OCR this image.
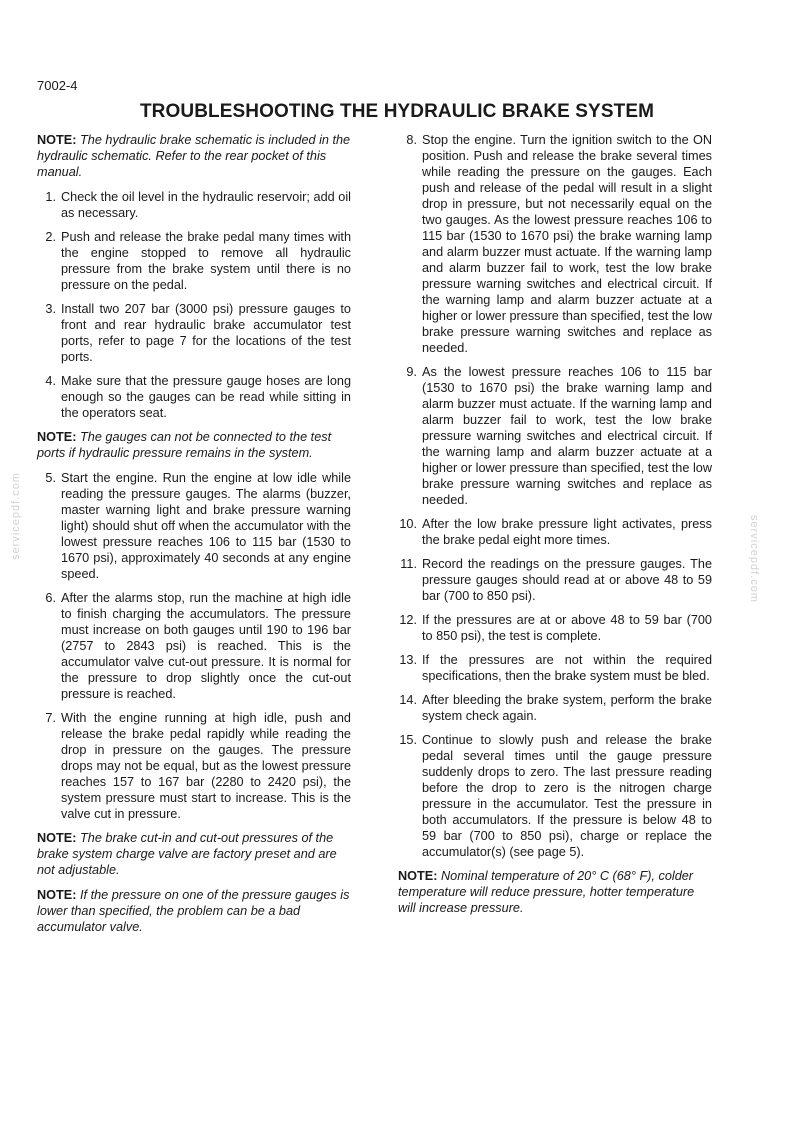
7002-4
TROUBLESHOOTING THE HYDRAULIC BRAKE SYSTEM
servicepdf.com	servicepdf.com

NOTE: The hydraulic brake schematic is included in the hydraulic schematic. Refer to the rear pocket of this manual.

1. Check the oil level in the hydraulic reservoir; add oil as necessary.
2. Push and release the brake pedal many times with the engine stopped to remove all hydraulic pressure from the brake system until there is no pressure on the pedal.
3. Install two 207 bar (3000 psi) pressure gauges to front and rear hydraulic brake accumulator test ports, refer to page 7 for the locations of the test ports.
4. Make sure that the pressure gauge hoses are long enough so the gauges can be read while sitting in the operators seat.

NOTE: The gauges can not be connected to the test ports if hydraulic pressure remains in the system.

5. Start the engine. Run the engine at low idle while reading the pressure gauges. The alarms (buzzer, master warning light and brake pressure warning light) should shut off when the accumulator with the lowest pressure reaches 106 to 115 bar (1530 to 1670 psi), approximately 40 seconds at any engine speed.
6. After the alarms stop, run the machine at high idle to finish charging the accumulators. The pressure must increase on both gauges until 190 to 196 bar (2757 to 2843 psi) is reached. This is the accumulator valve cut-out pressure. It is normal for the pressure to drop slightly once the cut-out pressure is reached.
7. With the engine running at high idle, push and release the brake pedal rapidly while reading the drop in pressure on the gauges. The pressure drops may not be equal, but as the lowest pressure reaches 157 to 167 bar (2280 to 2420 psi), the system pressure must start to increase. This is the valve cut in pressure.

NOTE: The brake cut-in and cut-out pressures of the brake system charge valve are factory preset and are not adjustable.

NOTE: If the pressure on one of the pressure gauges is lower than specified, the problem can be a bad accumulator valve.

8. Stop the engine. Turn the ignition switch to the ON position. Push and release the brake several times while reading the pressure on the gauges. Each push and release of the pedal will result in a slight drop in pressure, but not necessarily equal on the two gauges. As the lowest pressure reaches 106 to 115 bar (1530 to 1670 psi) the brake warning lamp and alarm buzzer must actuate. If the warning lamp and alarm buzzer fail to work, test the low brake pressure warning switches and electrical circuit. If the warning lamp and alarm buzzer actuate at a higher or lower pressure than specified, test the low brake pressure warning switches and replace as needed.
9. As the lowest pressure reaches 106 to 115 bar (1530 to 1670 psi) the brake warning lamp and alarm buzzer must actuate. If the warning lamp and alarm buzzer fail to work, test the low brake pressure warning switches and electrical circuit. If the warning lamp and alarm buzzer actuate at a higher or lower pressure than specified, test the low brake pressure warning switches and replace as needed.
10. After the low brake pressure light activates, press the brake pedal eight more times.
11. Record the readings on the pressure gauges. The pressure gauges should read at or above 48 to 59 bar (700 to 850 psi).
12. If the pressures are at or above 48 to 59 bar (700 to 850 psi), the test is complete.
13. If the pressures are not within the required specifications, then the brake system must be bled.
14. After bleeding the brake system, perform the brake system check again.
15. Continue to slowly push and release the brake pedal several times until the gauge pressure suddenly drops to zero. The last pressure reading before the drop to zero is the nitrogen charge pressure in the accumulator. Test the pressure in both accumulators. If the pressure is below 48 to 59 bar (700 to 850 psi), charge or replace the accumulator(s) (see page 5).

NOTE: Nominal temperature of 20° C (68° F), colder temperature will reduce pressure, hotter temperature will increase pressure.
